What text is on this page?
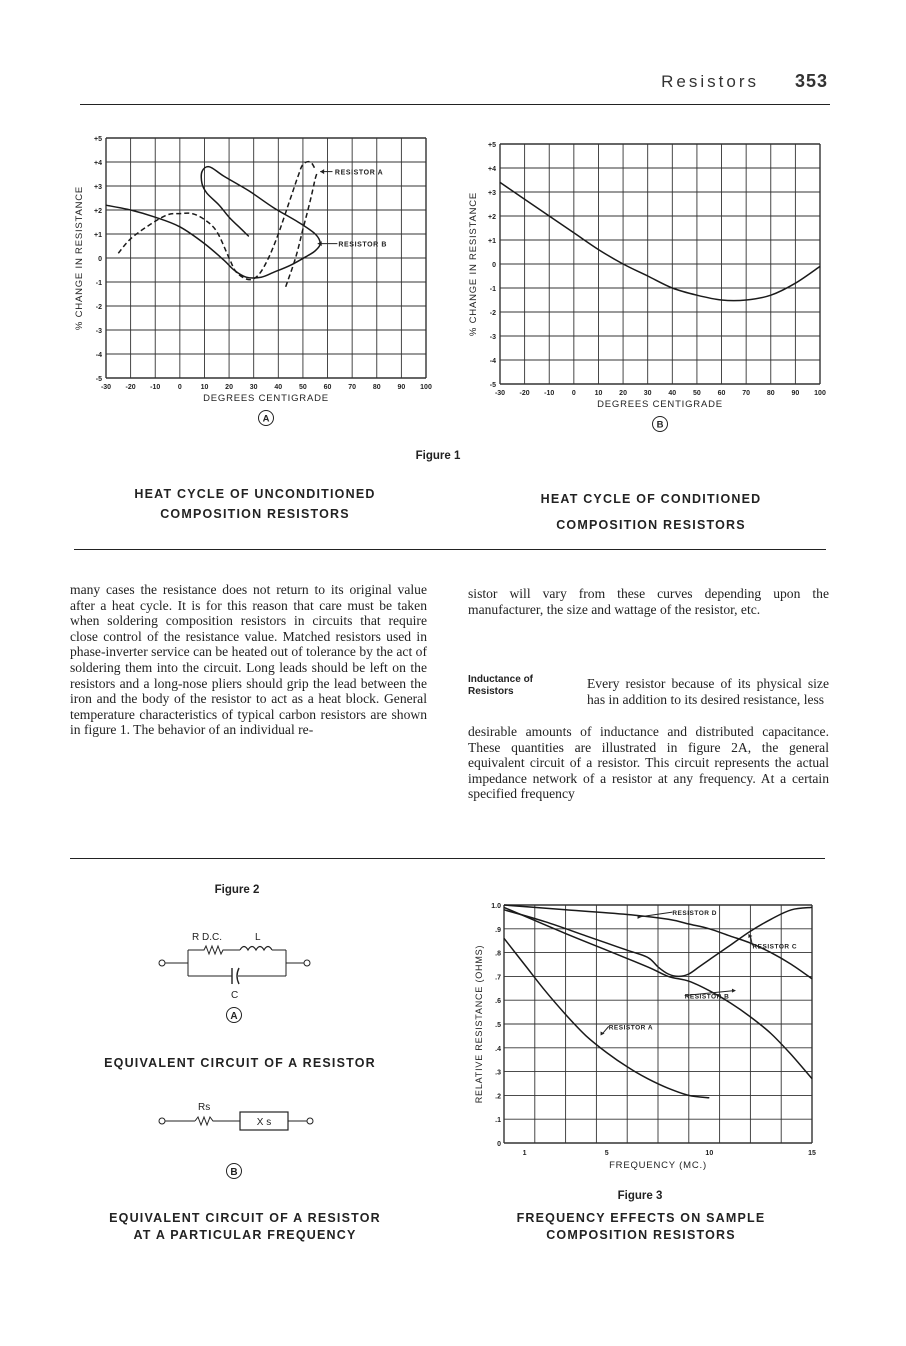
Resistors 353
+5
+4
+3
+2
+1
0
-1
-2
-3
-4
-5
-30 -20 -10	0	10 20 30 40 50 60 70 80 90 100
DEGREES CENTIGRADE
% CHANGE IN RESISTANCE
A
RESISTOR A
RESISTOR B
+5
+4
+3
+2
+1
0
-1
-2
-3
-4
-5
-30 -20 -10	0	10 20 30 40 50 60 70 80 90 100
DEGREES CENTIGRADE
% CHANGE IN RESISTANCE
B
Figure 1
HEAT CYCLE OF UNCONDITIONED
COMPOSITION RESISTORS
HEAT CYCLE OF CONDITIONED
COMPOSITION RESISTORS
many cases the resistance does not return to its original value after a heat cycle. It is for this reason that care must be taken when soldering composition resistors in circuits that require close control of the resistance value. Matched resistors used in phase-inverter service can be heated out of tolerance by the act of soldering them into the circuit. Long leads should be left on the resistors and a long-nose pliers should grip the lead between the iron and the body of the resistor to act as a heat block. General temperature characteristics of typical carbon resistors are shown in figure 1. The behavior of an individual re-
sistor will vary from these curves depending upon the manufacturer, the size and wattage of the resistor, etc.
Inductance of
Resistors
Every resistor because of its physical size has in addition to its desired resistance, less
desirable amounts of inductance and distributed capacitance. These quantities are illustrated in figure 2A, the general equivalent circuit of a resistor. This circuit represents the actual impedance network of a resistor at any frequency. At a certain specified frequency
Figure 2
R D.C.	L
C
A
EQUIVALENT CIRCUIT OF A RESISTOR
Rs
X s
B
EQUIVALENT CIRCUIT OF A RESISTOR
AT A PARTICULAR FREQUENCY
1.0
.9
.8
.7
.6
.5
.4
.3
.2
.1
0
1	5	10	15
FREQUENCY (MC.)
RELATIVE RESISTANCE (OHMS)
RESISTOR D
RESISTOR C
RESISTOR B
RESISTOR A
Figure 3
FREQUENCY EFFECTS ON SAMPLE
COMPOSITION RESISTORS
